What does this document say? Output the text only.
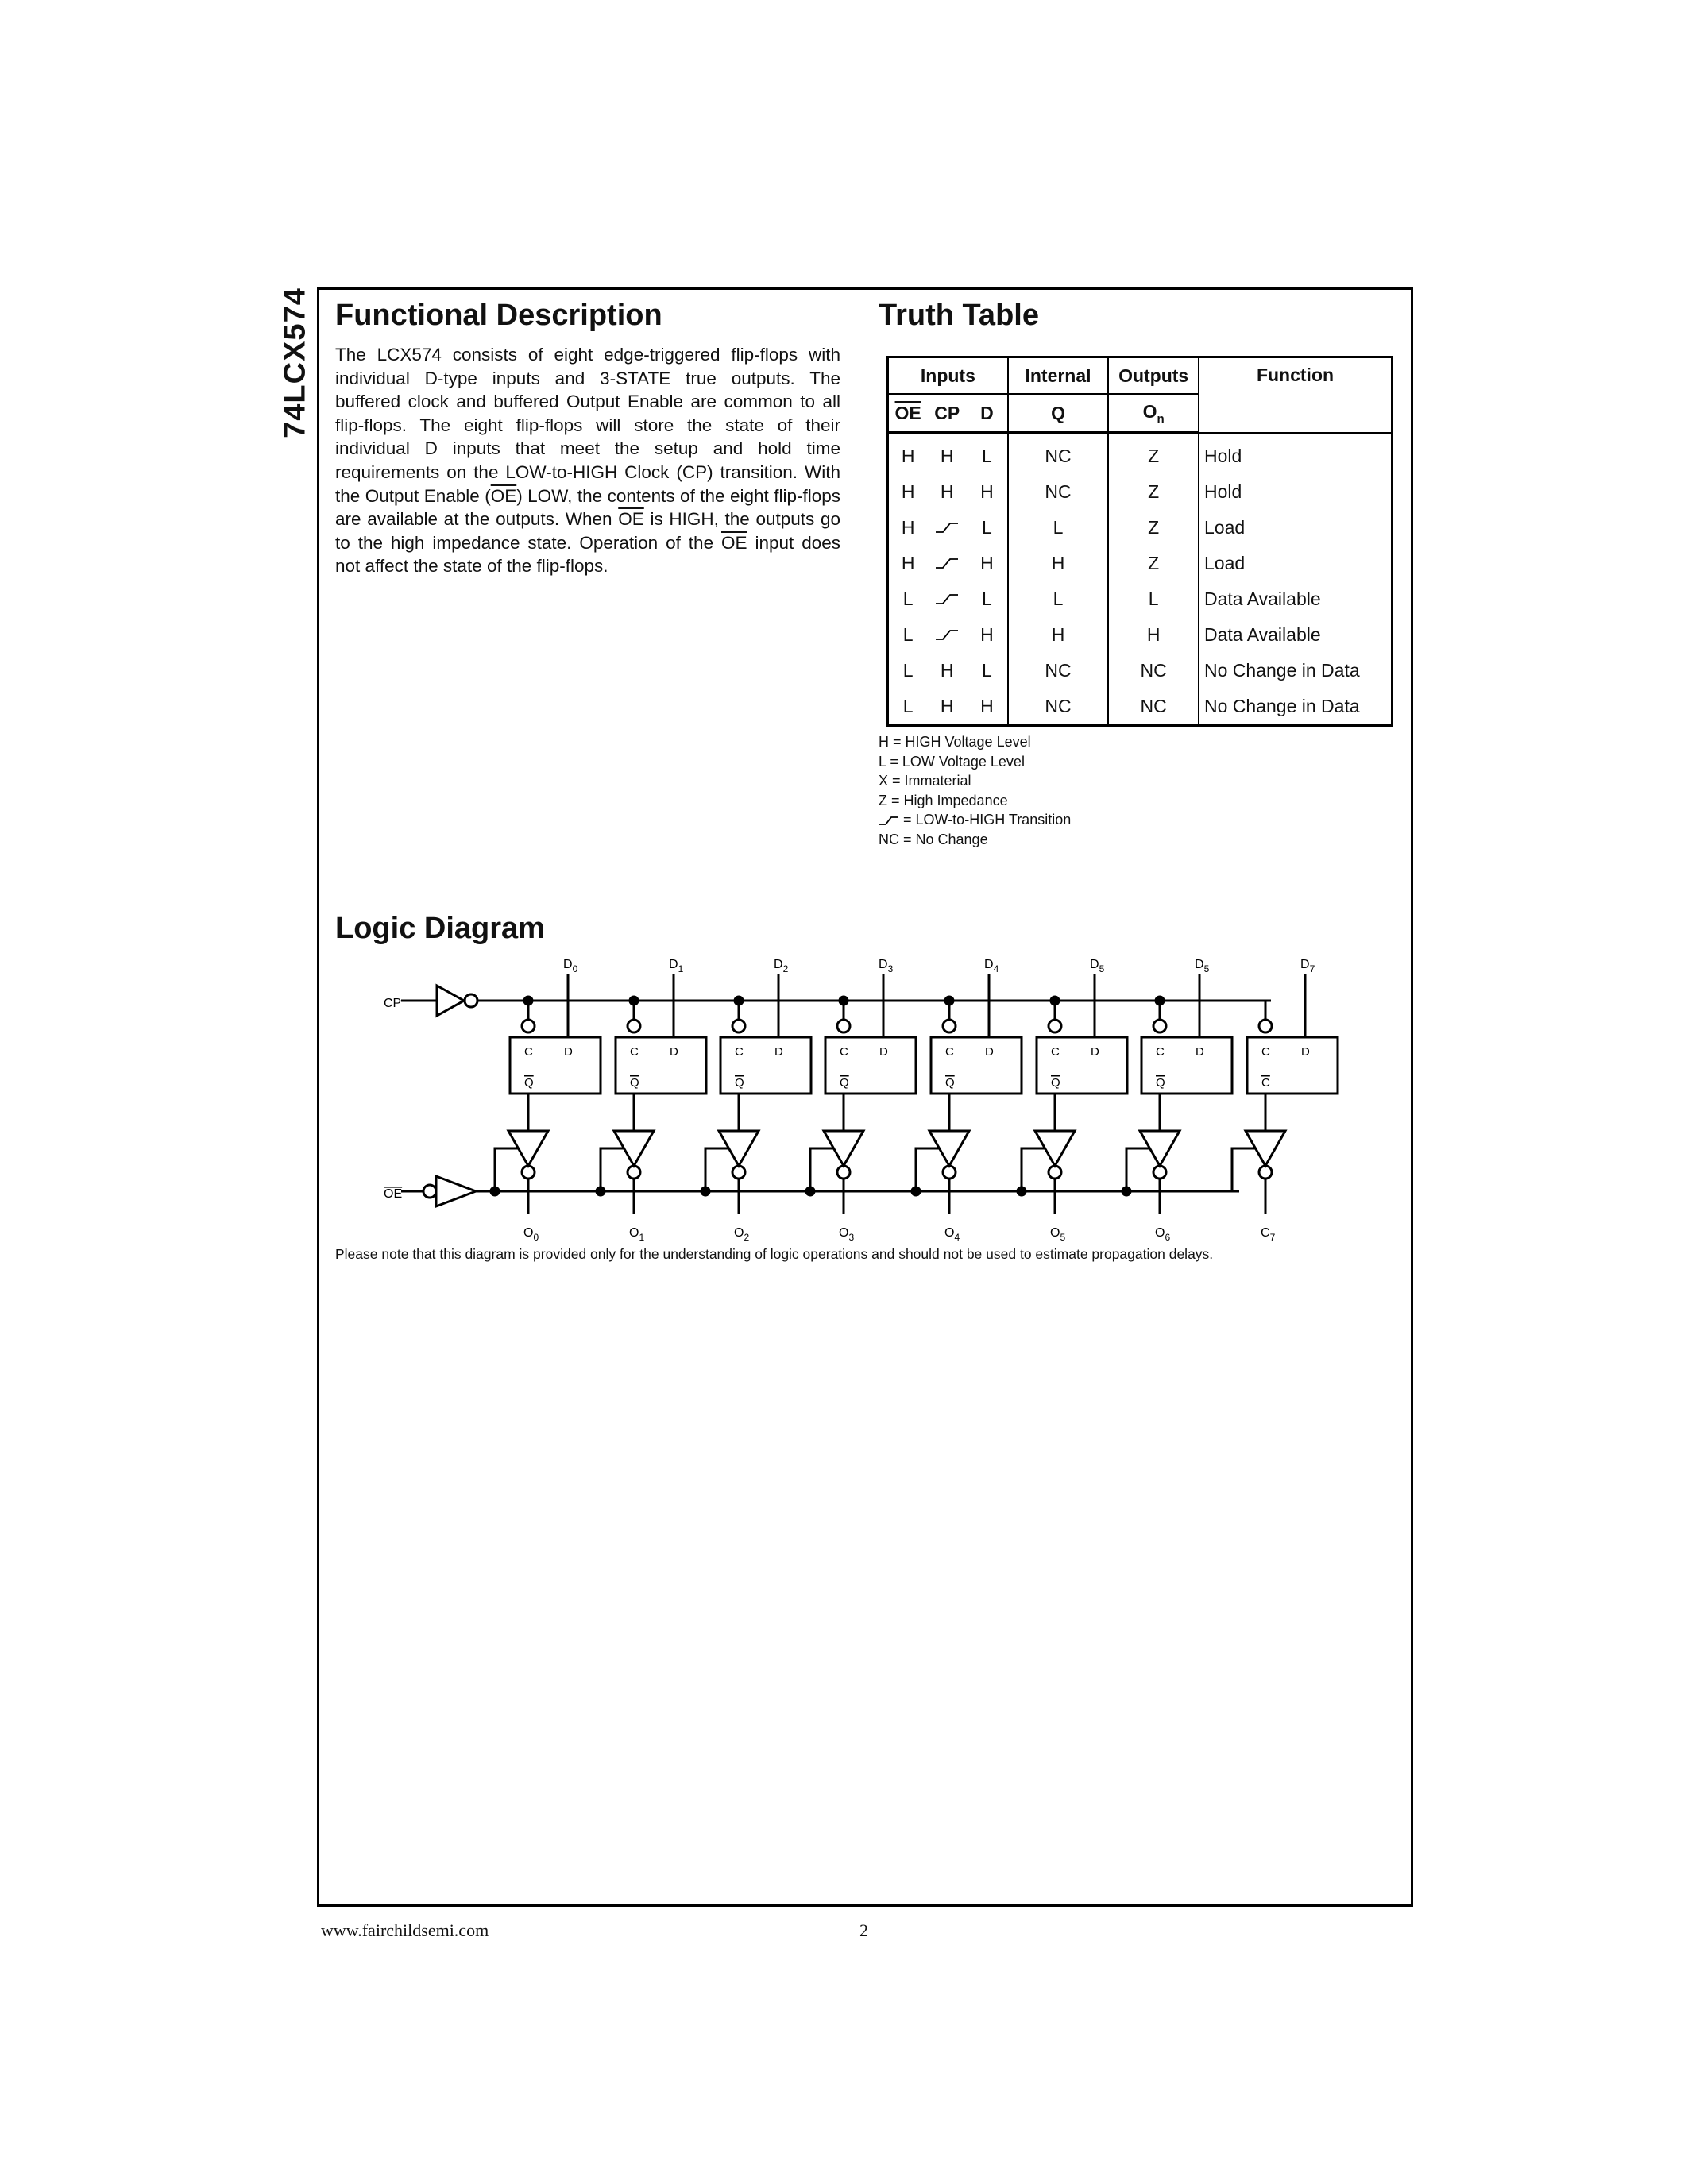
74LCX574 Functional Description
The LCX574 consists of eight edge-triggered flip-flops with individual D-type inputs and 3-STATE true outputs. The buffered clock and buffered Output Enable are common to all flip-flops. The eight flip-flops will store the state of their individual D inputs that meet the setup and hold time requirements on the LOW-to-HIGH Clock (CP) transition. With the Output Enable $(\overline{OE})$ LOW, the contents of the eight flip-flops are available at the outputs. When $\overline{OE}$ is HIGH, the outputs go to the high impedance state. Operation of the $\overline{OE}$ input does not affect the state of the flip-flops.
Truth Table
Inputs			Internal	Outputs	Function
$\overline{OE}$	CP	D	Q	$O_n$
H	H	L	NC	Z	Hold
H	H	H	NC	Z	Hold
H		L	L	Z	Load
H		H	H	Z	Load
L		L	L	L	Data Available
L		H	H	H	Data Available
L	H	L	NC	NC	No Change in Data
L	H	H	NC	NC	No Change in Data
H = HIGH Voltage Level
L = LOW Voltage Level
X = Immaterial
Z = High Impedance
= LOW-to-HIGH Transition
NC = No Change
Logic Diagram
CP
OE
$D_0$
C	D
Q
$O_0$
$D_1$
C	D
Q
$O_1$
$D_2$
C	D
Q
$O_2$
$D_3$
C	D
Q
$O_3$
$D_4$
C	D
Q
$O_4$
$D_5$
C	D
Q
$O_5$
$D_5$
C	D
Q
$O_6$
$D_7$
C	D
C
$C_7$
Please note that this diagram is provided only for the understanding of logic operations and should not be used to estimate propagation delays.
www.fairchildsemi.com	2
